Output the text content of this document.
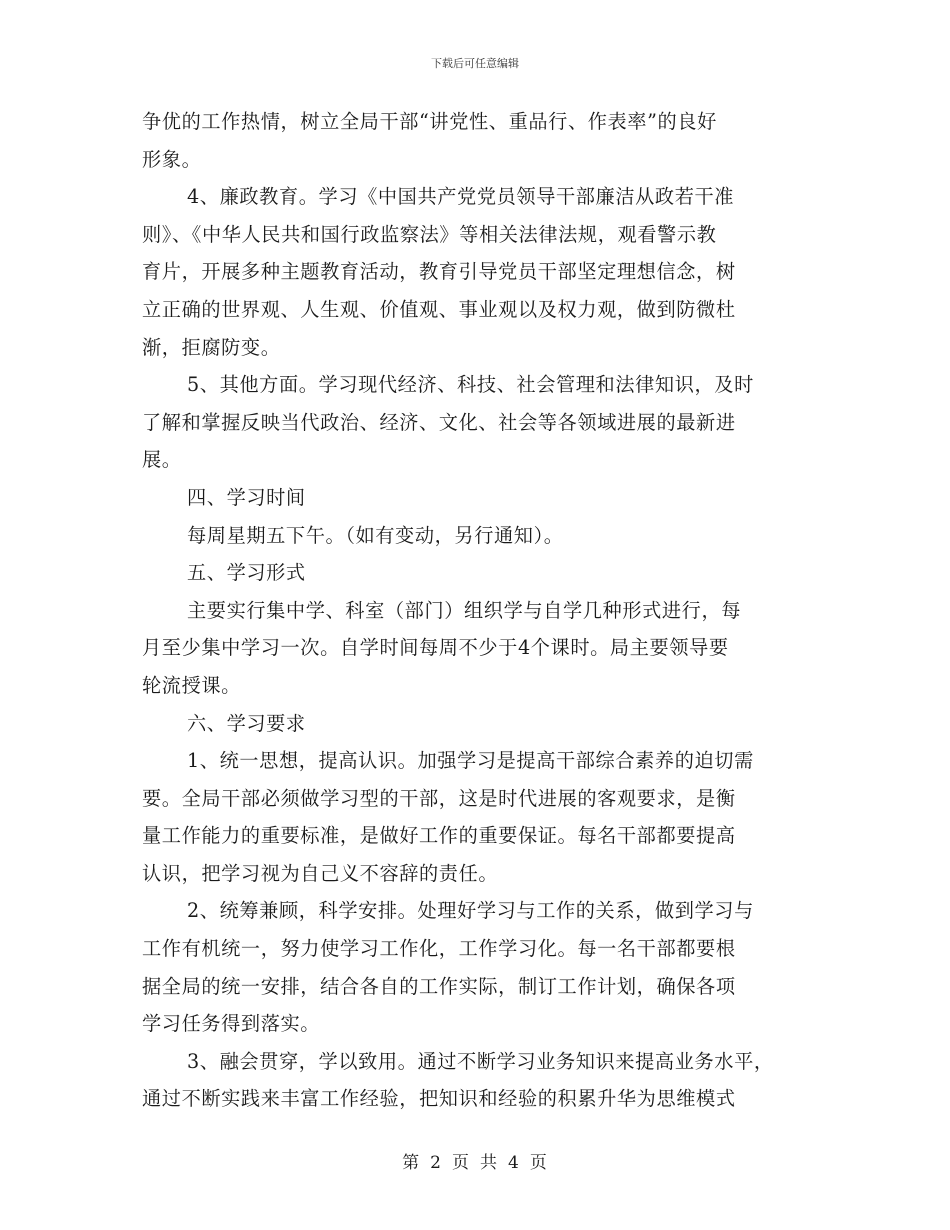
下载后可任意编辑
争优的工作热情，树立全局干部“讲党性、重品行、作表率”的良好
形象。
4、廉政教育。学习《中国共产党党员领导干部廉洁从政若干准
则》、《中华人民共和国行政监察法》等相关法律法规，观看警示教
育片，开展多种主题教育活动，教育引导党员干部坚定理想信念，树
立正确的世界观、人生观、价值观、事业观以及权力观，做到防微杜
渐，拒腐防变。
5、其他方面。学习现代经济、科技、社会管理和法律知识，及时
了解和掌握反映当代政治、经济、文化、社会等各领域进展的最新进
展。
四、学习时间
每周星期五下午。（如有变动，另行通知）。
五、学习形式
主要实行集中学、科室（部门）组织学与自学几种形式进行，每
月至少集中学习一次。自学时间每周不少于4个课时。局主要领导要
轮流授课。
六、学习要求
1、统一思想，提高认识。加强学习是提高干部综合素养的迫切需
要。全局干部必须做学习型的干部，这是时代进展的客观要求，是衡
量工作能力的重要标准，是做好工作的重要保证。每名干部都要提高
认识，把学习视为自己义不容辞的责任。
2、统筹兼顾，科学安排。处理好学习与工作的关系，做到学习与
工作有机统一，努力使学习工作化，工作学习化。每一名干部都要根
据全局的统一安排，结合各自的工作实际，制订工作计划，确保各项
学习任务得到落实。
3、融会贯穿，学以致用。通过不断学习业务知识来提高业务水平，
通过不断实践来丰富工作经验，把知识和经验的积累升华为思维模式
第 2 页 共 4 页
